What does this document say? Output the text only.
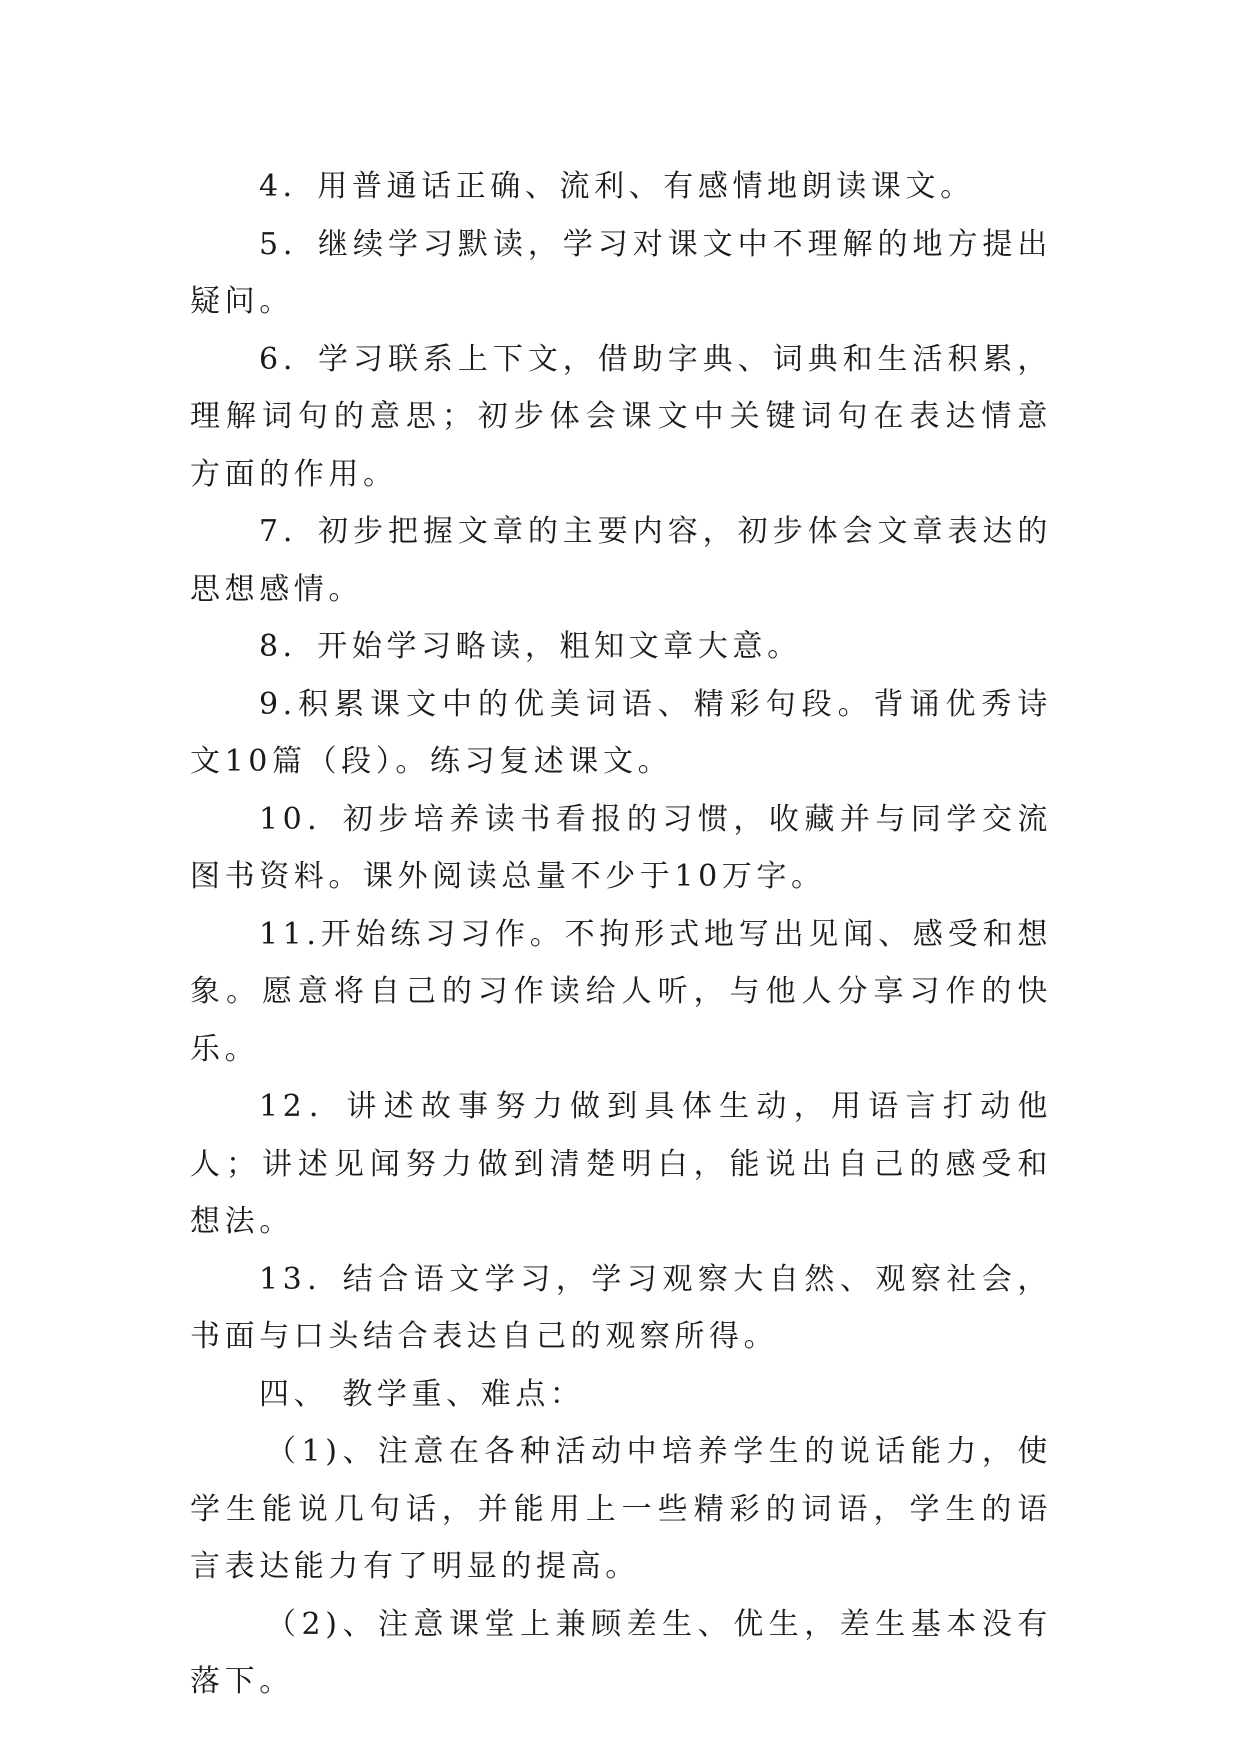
4．用普通话正确、流利、有感情地朗读课文。

5．继续学习默读，学习对课文中不理解的地方提出疑问。

6．学习联系上下文，借助字典、词典和生活积累，理解词句的意思；初步体会课文中关键词句在表达情意方面的作用。

7．初步把握文章的主要内容，初步体会文章表达的思想感情。

8．开始学习略读，粗知文章大意。

9.积累课文中的优美词语、精彩句段。背诵优秀诗文10篇（段）。练习复述课文。

10．初步培养读书看报的习惯，收藏并与同学交流图书资料。课外阅读总量不少于10万字。

11.开始练习习作。不拘形式地写出见闻、感受和想象。愿意将自己的习作读给人听，与他人分享习作的快乐。

12．讲述故事努力做到具体生动，用语言打动他人；讲述见闻努力做到清楚明白，能说出自己的感受和想法。

13．结合语文学习，学习观察大自然、观察社会，书面与口头结合表达自己的观察所得。

四、 教学重、难点：

（1)、注意在各种活动中培养学生的说话能力，使学生能说几句话，并能用上一些精彩的词语，学生的语言表达能力有了明显的提高。

（2)、注意课堂上兼顾差生、优生，差生基本没有落下。
